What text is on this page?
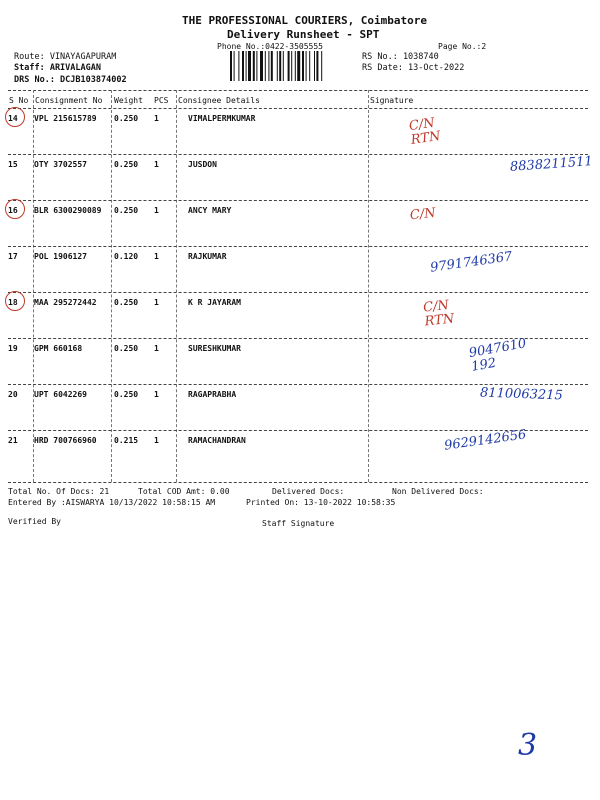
THE PROFESSIONAL COURIERS, Coimbatore
Delivery Runsheet - SPT
Phone No.:0422-3505555	Page No.:2
Route: VINAYAGAPURAM
Staff: ARIVALAGAN
DRS No.: DCJB103874002
RS No.: 1038740
RS Date: 13-Oct-2022
S No Consignment No Weight PCS Consignee Details	Signature
14 VPL 215615789 0.250 1	VIMALPERMKUMAR	C/N
RTN
15 OTY 3702557	0.250 1	JUSDON	8838211511
16 BLR 6300290089 0.250 1	ANCY MARY	C/N
17 POL 1906127	0.120 1	RAJKUMAR	9791746367
18 MAA 295272442 0.250 1	K R JAYARAM	C/N
RTN
19 GPM 660168	0.250 1	SURESHKUMAR	9047610
192
20 UPT 6042269	0.250 1	RAGAPRABHA	8110063215
21 HRD 700766960 0.215 1	RAMACHANDRAN	9629142656
Total No. Of Docs: 21	Total COD Amt: 0.00	Delivered Docs:	Non Delivered Docs:
Entered By :AISWARYA 10/13/2022 10:58:15 AM	Printed On: 13-10-2022 10:58:35
Verified By	Staff Signature
3
